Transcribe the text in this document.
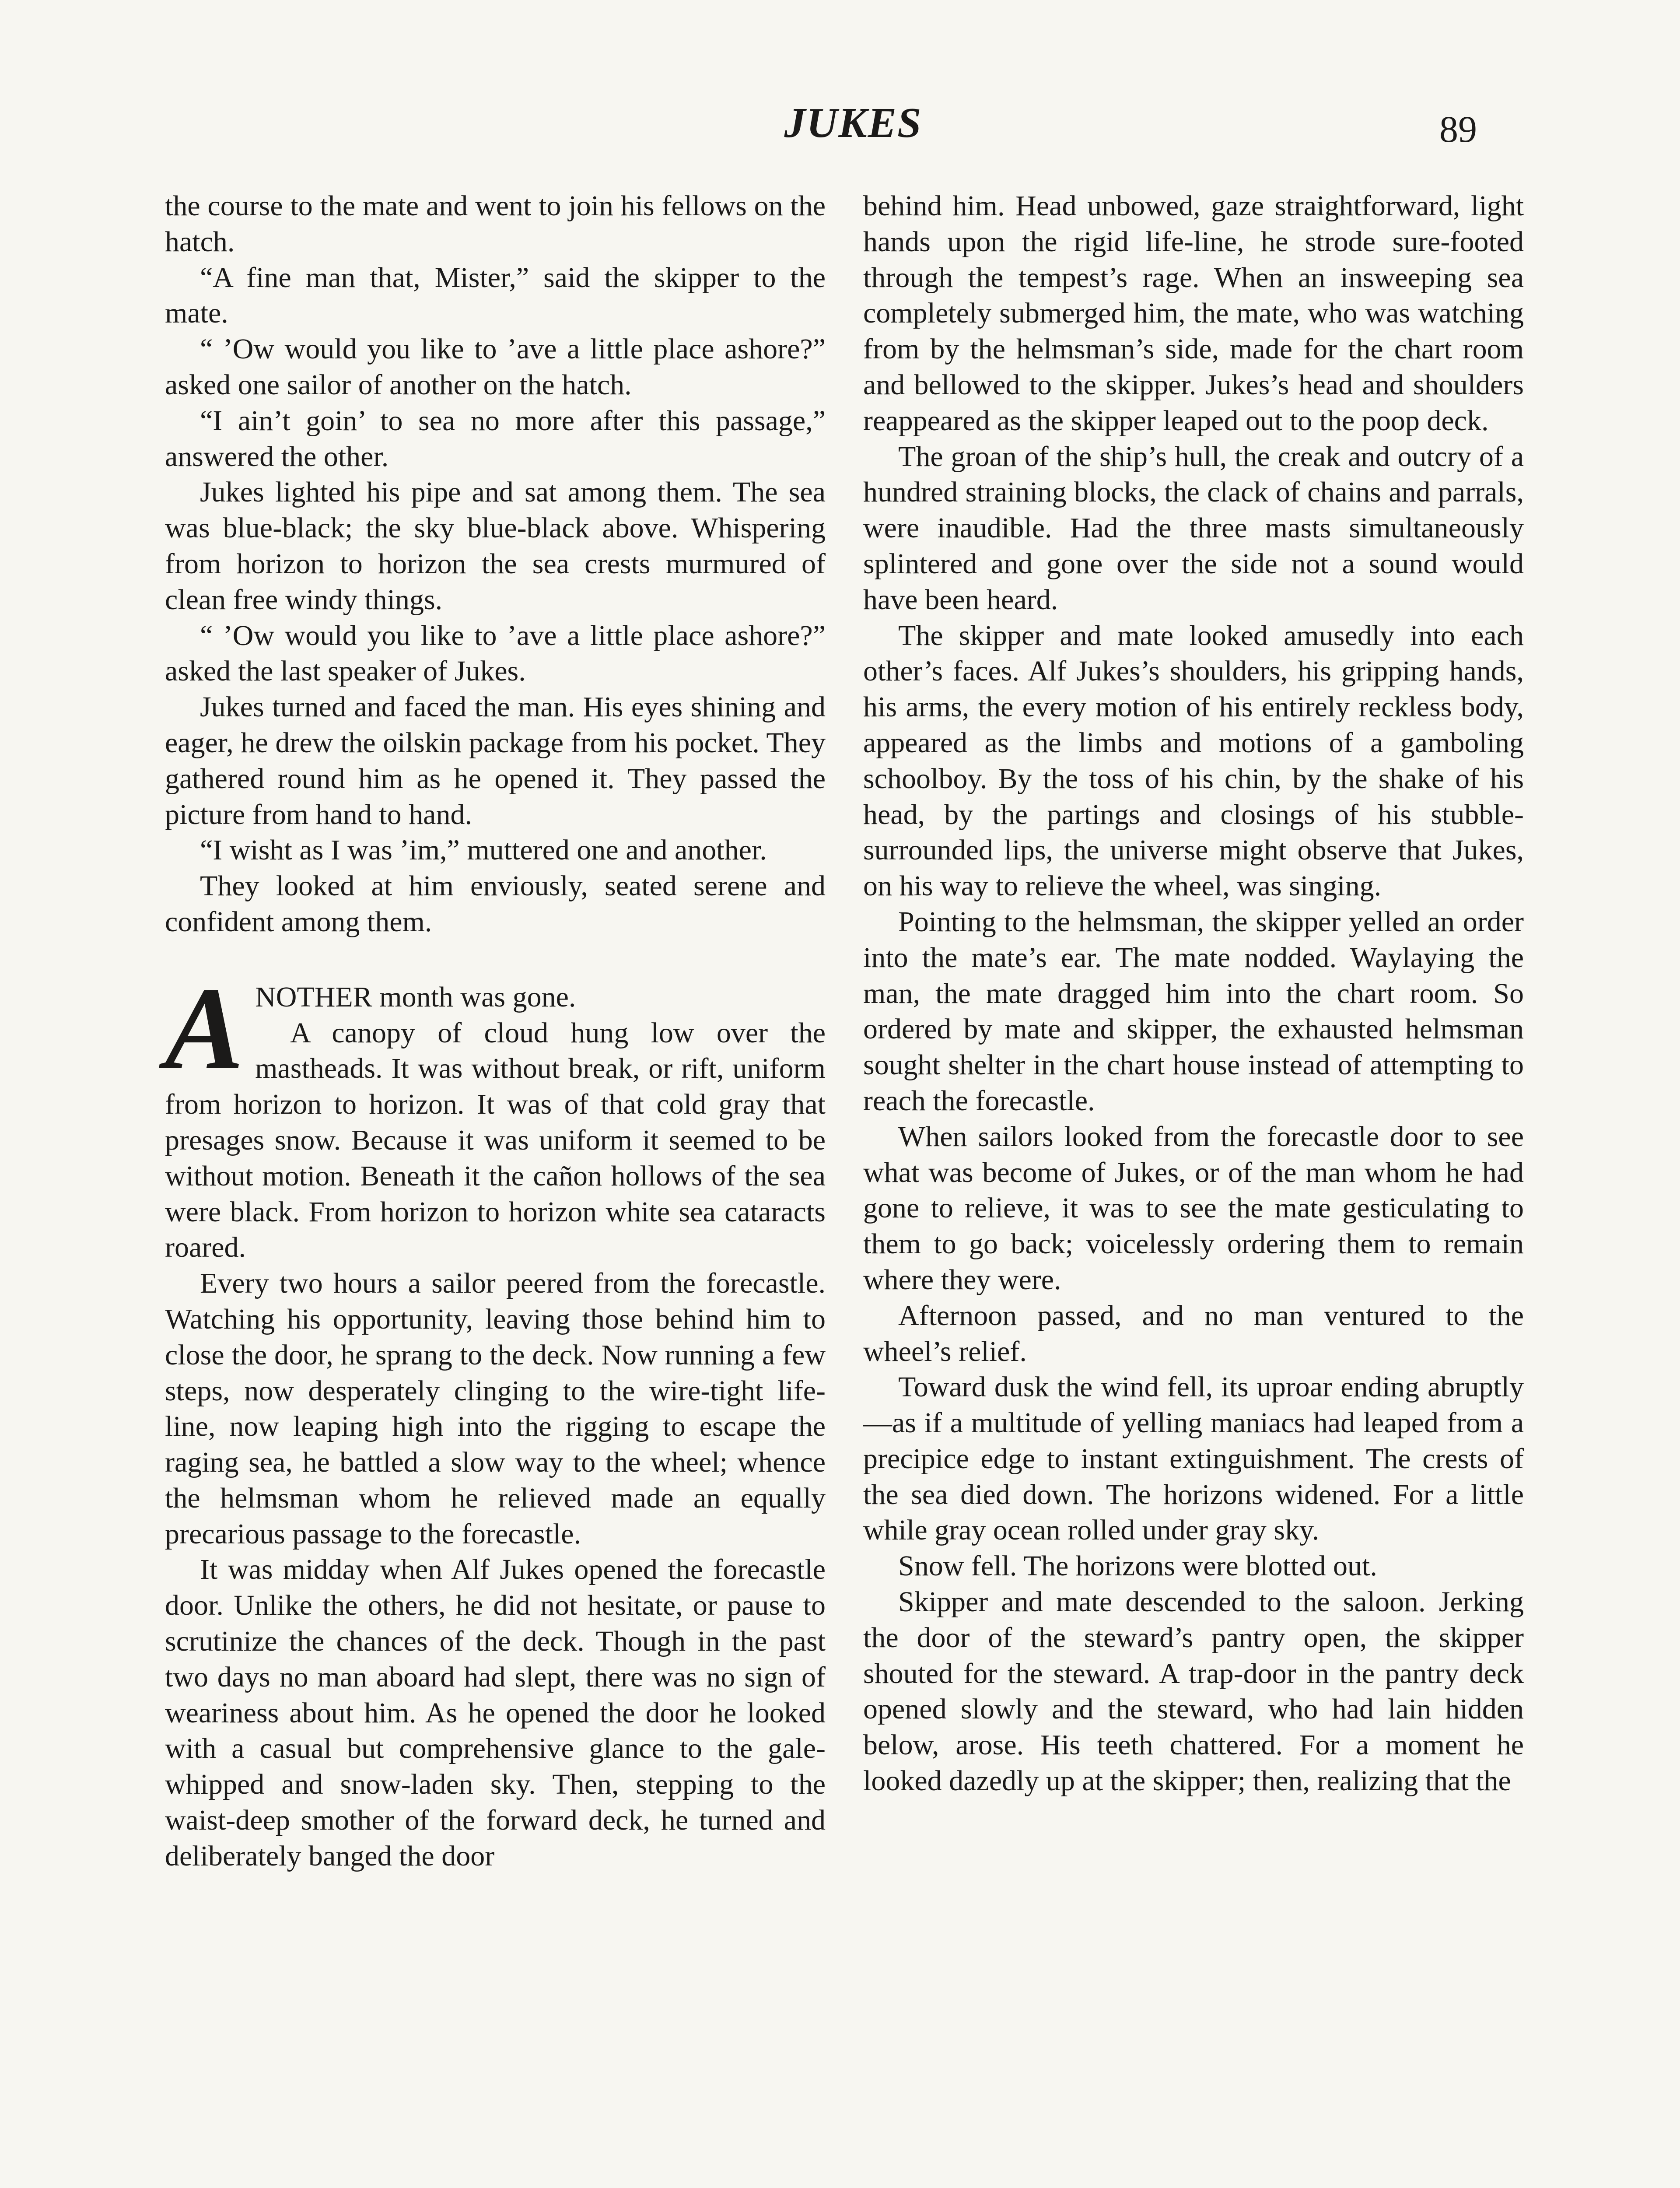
JUKES	89

the course to the mate and went to join his fellows on the hatch.

“A fine man that, Mister,” said the skipper to the mate.

“ ’Ow would you like to ’ave a little place ashore?” asked one sailor of another on the hatch.

“I ain’t goin’ to sea no more after this passage,” answered the other.

Jukes lighted his pipe and sat among them. The sea was blue-black; the sky blue-black above. Whispering from horizon to horizon the sea crests murmured of clean free windy things.

“ ’Ow would you like to ’ave a little place ashore?” asked the last speaker of Jukes.

Jukes turned and faced the man. His eyes shining and eager, he drew the oilskin package from his pocket. They gathered round him as he opened it. They passed the picture from hand to hand.

“I wisht as I was ’im,” muttered one and another.

They looked at him enviously, seated serene and confident among them.

ANOTHER month was gone.

A canopy of cloud hung low over the mastheads. It was without break, or rift, uniform from horizon to horizon. It was of that cold gray that presages snow. Because it was uniform it seemed to be without motion. Beneath it the cañon hollows of the sea were black. From horizon to horizon white sea cataracts roared.

Every two hours a sailor peered from the forecastle. Watching his opportunity, leaving those behind him to close the door, he sprang to the deck. Now running a few steps, now desperately clinging to the wire-tight life-line, now leaping high into the rigging to escape the raging sea, he battled a slow way to the wheel; whence the helmsman whom he relieved made an equally precarious passage to the forecastle.

It was midday when Alf Jukes opened the forecastle door. Unlike the others, he did not hesitate, or pause to scrutinize the chances of the deck. Though in the past two days no man aboard had slept, there was no sign of weariness about him. As he opened the door he looked with a casual but comprehensive glance to the gale-whipped and snow-laden sky. Then, stepping to the waist-deep smother of the forward deck, he turned and deliberately banged the door

behind him. Head unbowed, gaze straightforward, light hands upon the rigid life-line, he strode sure-footed through the tempest’s rage. When an insweeping sea completely submerged him, the mate, who was watching from by the helmsman’s side, made for the chart room and bellowed to the skipper. Jukes’s head and shoulders reappeared as the skipper leaped out to the poop deck.

The groan of the ship’s hull, the creak and outcry of a hundred straining blocks, the clack of chains and parrals, were inaudible. Had the three masts simultaneously splintered and gone over the side not a sound would have been heard.

The skipper and mate looked amusedly into each other’s faces. Alf Jukes’s shoulders, his gripping hands, his arms, the every motion of his entirely reckless body, appeared as the limbs and motions of a gamboling schoolboy. By the toss of his chin, by the shake of his head, by the partings and closings of his stubble-surrounded lips, the universe might observe that Jukes, on his way to relieve the wheel, was singing.

Pointing to the helmsman, the skipper yelled an order into the mate’s ear. The mate nodded. Waylaying the man, the mate dragged him into the chart room. So ordered by mate and skipper, the exhausted helmsman sought shelter in the chart house instead of attempting to reach the forecastle.

When sailors looked from the forecastle door to see what was become of Jukes, or of the man whom he had gone to relieve, it was to see the mate gesticulating to them to go back; voicelessly ordering them to remain where they were.

Afternoon passed, and no man ventured to the wheel’s relief.

Toward dusk the wind fell, its uproar ending abruptly—as if a multitude of yelling maniacs had leaped from a precipice edge to instant extinguishment. The crests of the sea died down. The horizons widened. For a little while gray ocean rolled under gray sky.

Snow fell. The horizons were blotted out.

Skipper and mate descended to the saloon. Jerking the door of the steward’s pantry open, the skipper shouted for the steward. A trap-door in the pantry deck opened slowly and the steward, who had lain hidden below, arose. His teeth chattered. For a moment he looked dazedly up at the skipper; then, realizing that the
